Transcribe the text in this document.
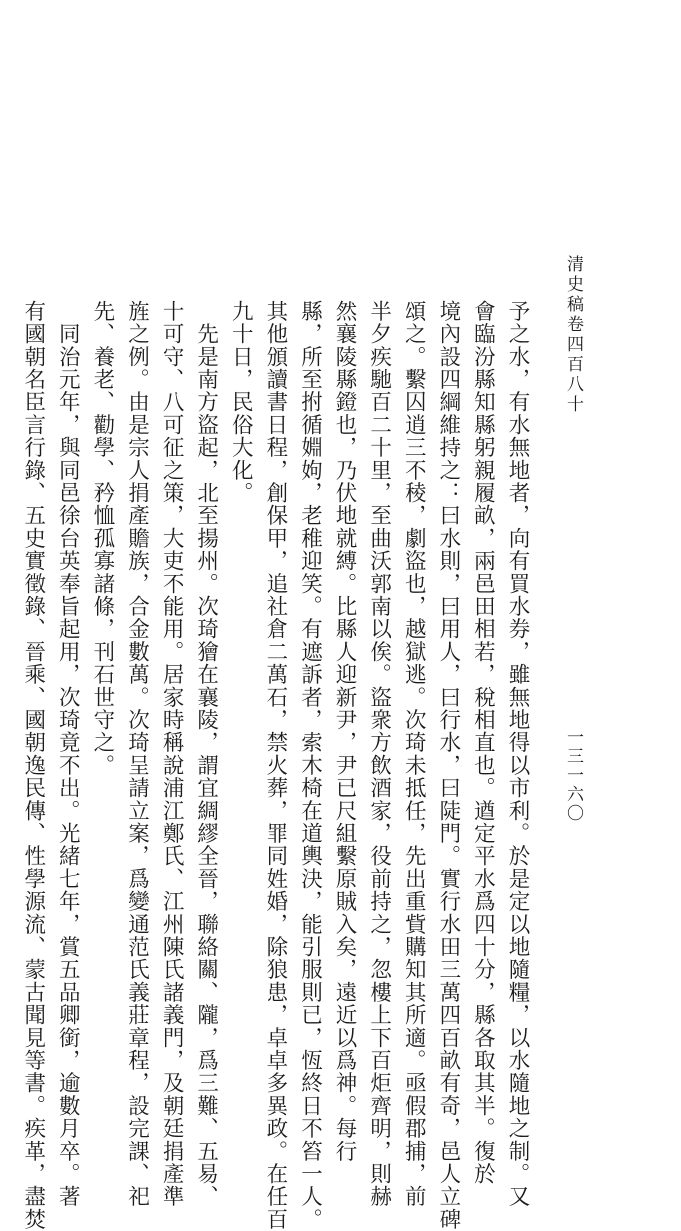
清史稿卷四百八十
一三一六〇

予之水，有水無地者，向有買水券，雖無地得以市利。於是定以地隨糧，以水隨地之制。又

會臨汾縣知縣躬親履畝，兩邑田相若，稅相直也。遒定平水爲四十分，縣各取其半。復於

境內設四綱維持之：曰水則，曰用人，曰行水，曰陡門。實行水田三萬四百畝有奇，邑人立碑

頌之。繫囚逍三不稜，劇盜也，越獄逃。次琦未抵任，先出重貲購知其所適。亟假郡捕，前

半夕疾馳百二十里，至曲沃郭南以俟。盜衆方飲酒家，役前持之，忽樓上下百炬齊明，則赫

然襄陵縣鐙也，乃伏地就縛。比縣人迎新尹，尹已尺組繫原賊入矣，遠近以爲神。每行

縣，所至拊循婣姁，老稚迎笑。有遮訴者，索木椅在道輿決，能引服則已，恆終日不笞一人。

其他頒讀書日程，創保甲，追社倉二萬石，禁火葬，罪同姓婚，除狼患，卓卓多異政。在任百

九十日，民俗大化。

　先是南方盜起，北至揚州。次琦獪在襄陵，謂宜綢繆全晉，聯絡關、隴，爲三難、五易、

十可守、八可征之策，大吏不能用。居家時稱說浦江鄭氏、江州陳氏諸義門，及朝廷捐產準

旌之例。由是宗人捐產贍族，合金數萬。次琦呈請立案，爲變通范氏義莊章程，設完課、祀

先、養老、勸學、矜恤孤寡諸條，刊石世守之。

　同治元年，與同邑徐台英奉旨起用，次琦竟不出。光緒七年，賞五品卿銜，逾數月卒。著

有國朝名臣言行錄、五史實徵錄、晉乘、國朝逸民傳、性學源流、蒙古聞見等書。疾革，盡焚
